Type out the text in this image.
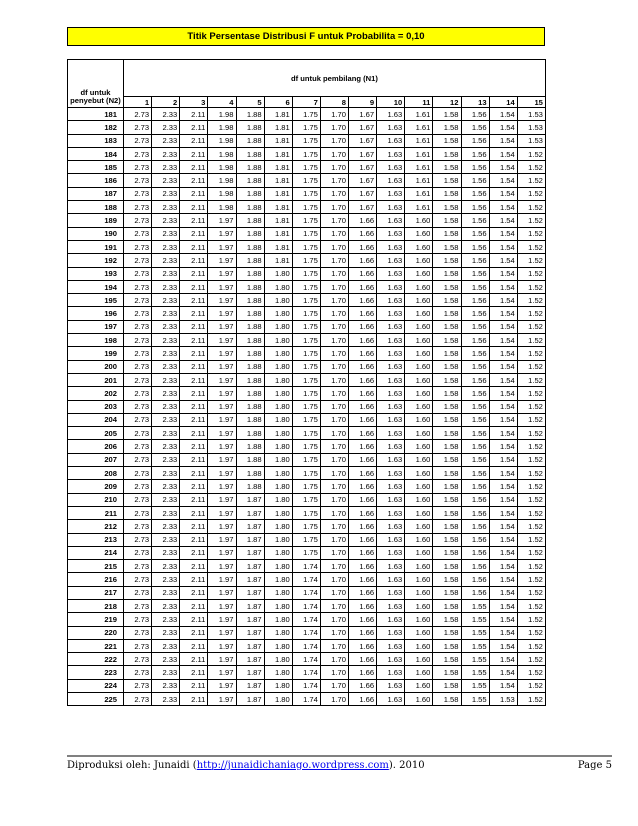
Titik Persentase Distribusi F untuk Probabilita = 0,10
df untuk penyebut (N2)	df untuk pembilang (N1)														
	1	2	3	4	5	6	7	8	9	10	11	12	13	14	15
181	2.73	2.33	2.11	1.98	1.88	1.81	1.75	1.70	1.67	1.63	1.61	1.58	1.56	1.54	1.53
182	2.73	2.33	2.11	1.98	1.88	1.81	1.75	1.70	1.67	1.63	1.61	1.58	1.56	1.54	1.53
183	2.73	2.33	2.11	1.98	1.88	1.81	1.75	1.70	1.67	1.63	1.61	1.58	1.56	1.54	1.53
184	2.73	2.33	2.11	1.98	1.88	1.81	1.75	1.70	1.67	1.63	1.61	1.58	1.56	1.54	1.52
185	2.73	2.33	2.11	1.98	1.88	1.81	1.75	1.70	1.67	1.63	1.61	1.58	1.56	1.54	1.52
186	2.73	2.33	2.11	1.98	1.88	1.81	1.75	1.70	1.67	1.63	1.61	1.58	1.56	1.54	1.52
187	2.73	2.33	2.11	1.98	1.88	1.81	1.75	1.70	1.67	1.63	1.61	1.58	1.56	1.54	1.52
188	2.73	2.33	2.11	1.98	1.88	1.81	1.75	1.70	1.67	1.63	1.61	1.58	1.56	1.54	1.52
189	2.73	2.33	2.11	1.97	1.88	1.81	1.75	1.70	1.66	1.63	1.60	1.58	1.56	1.54	1.52
190	2.73	2.33	2.11	1.97	1.88	1.81	1.75	1.70	1.66	1.63	1.60	1.58	1.56	1.54	1.52
191	2.73	2.33	2.11	1.97	1.88	1.81	1.75	1.70	1.66	1.63	1.60	1.58	1.56	1.54	1.52
192	2.73	2.33	2.11	1.97	1.88	1.81	1.75	1.70	1.66	1.63	1.60	1.58	1.56	1.54	1.52
193	2.73	2.33	2.11	1.97	1.88	1.80	1.75	1.70	1.66	1.63	1.60	1.58	1.56	1.54	1.52
194	2.73	2.33	2.11	1.97	1.88	1.80	1.75	1.70	1.66	1.63	1.60	1.58	1.56	1.54	1.52
195	2.73	2.33	2.11	1.97	1.88	1.80	1.75	1.70	1.66	1.63	1.60	1.58	1.56	1.54	1.52
196	2.73	2.33	2.11	1.97	1.88	1.80	1.75	1.70	1.66	1.63	1.60	1.58	1.56	1.54	1.52
197	2.73	2.33	2.11	1.97	1.88	1.80	1.75	1.70	1.66	1.63	1.60	1.58	1.56	1.54	1.52
198	2.73	2.33	2.11	1.97	1.88	1.80	1.75	1.70	1.66	1.63	1.60	1.58	1.56	1.54	1.52
199	2.73	2.33	2.11	1.97	1.88	1.80	1.75	1.70	1.66	1.63	1.60	1.58	1.56	1.54	1.52
200	2.73	2.33	2.11	1.97	1.88	1.80	1.75	1.70	1.66	1.63	1.60	1.58	1.56	1.54	1.52
201	2.73	2.33	2.11	1.97	1.88	1.80	1.75	1.70	1.66	1.63	1.60	1.58	1.56	1.54	1.52
202	2.73	2.33	2.11	1.97	1.88	1.80	1.75	1.70	1.66	1.63	1.60	1.58	1.56	1.54	1.52
203	2.73	2.33	2.11	1.97	1.88	1.80	1.75	1.70	1.66	1.63	1.60	1.58	1.56	1.54	1.52
204	2.73	2.33	2.11	1.97	1.88	1.80	1.75	1.70	1.66	1.63	1.60	1.58	1.56	1.54	1.52
205	2.73	2.33	2.11	1.97	1.88	1.80	1.75	1.70	1.66	1.63	1.60	1.58	1.56	1.54	1.52
206	2.73	2.33	2.11	1.97	1.88	1.80	1.75	1.70	1.66	1.63	1.60	1.58	1.56	1.54	1.52
207	2.73	2.33	2.11	1.97	1.88	1.80	1.75	1.70	1.66	1.63	1.60	1.58	1.56	1.54	1.52
208	2.73	2.33	2.11	1.97	1.88	1.80	1.75	1.70	1.66	1.63	1.60	1.58	1.56	1.54	1.52
209	2.73	2.33	2.11	1.97	1.88	1.80	1.75	1.70	1.66	1.63	1.60	1.58	1.56	1.54	1.52
210	2.73	2.33	2.11	1.97	1.87	1.80	1.75	1.70	1.66	1.63	1.60	1.58	1.56	1.54	1.52
211	2.73	2.33	2.11	1.97	1.87	1.80	1.75	1.70	1.66	1.63	1.60	1.58	1.56	1.54	1.52
212	2.73	2.33	2.11	1.97	1.87	1.80	1.75	1.70	1.66	1.63	1.60	1.58	1.56	1.54	1.52
213	2.73	2.33	2.11	1.97	1.87	1.80	1.75	1.70	1.66	1.63	1.60	1.58	1.56	1.54	1.52
214	2.73	2.33	2.11	1.97	1.87	1.80	1.75	1.70	1.66	1.63	1.60	1.58	1.56	1.54	1.52
215	2.73	2.33	2.11	1.97	1.87	1.80	1.74	1.70	1.66	1.63	1.60	1.58	1.56	1.54	1.52
216	2.73	2.33	2.11	1.97	1.87	1.80	1.74	1.70	1.66	1.63	1.60	1.58	1.56	1.54	1.52
217	2.73	2.33	2.11	1.97	1.87	1.80	1.74	1.70	1.66	1.63	1.60	1.58	1.56	1.54	1.52
218	2.73	2.33	2.11	1.97	1.87	1.80	1.74	1.70	1.66	1.63	1.60	1.58	1.55	1.54	1.52
219	2.73	2.33	2.11	1.97	1.87	1.80	1.74	1.70	1.66	1.63	1.60	1.58	1.55	1.54	1.52
220	2.73	2.33	2.11	1.97	1.87	1.80	1.74	1.70	1.66	1.63	1.60	1.58	1.55	1.54	1.52
221	2.73	2.33	2.11	1.97	1.87	1.80	1.74	1.70	1.66	1.63	1.60	1.58	1.55	1.54	1.52
222	2.73	2.33	2.11	1.97	1.87	1.80	1.74	1.70	1.66	1.63	1.60	1.58	1.55	1.54	1.52
223	2.73	2.33	2.11	1.97	1.87	1.80	1.74	1.70	1.66	1.63	1.60	1.58	1.55	1.54	1.52
224	2.73	2.33	2.11	1.97	1.87	1.80	1.74	1.70	1.66	1.63	1.60	1.58	1.55	1.54	1.52
225	2.73	2.33	2.11	1.97	1.87	1.80	1.74	1.70	1.66	1.63	1.60	1.58	1.55	1.53	1.52
Diproduksi oleh: Junaidi (http://junaidichaniago.wordpress.com). 2010	Page 5
